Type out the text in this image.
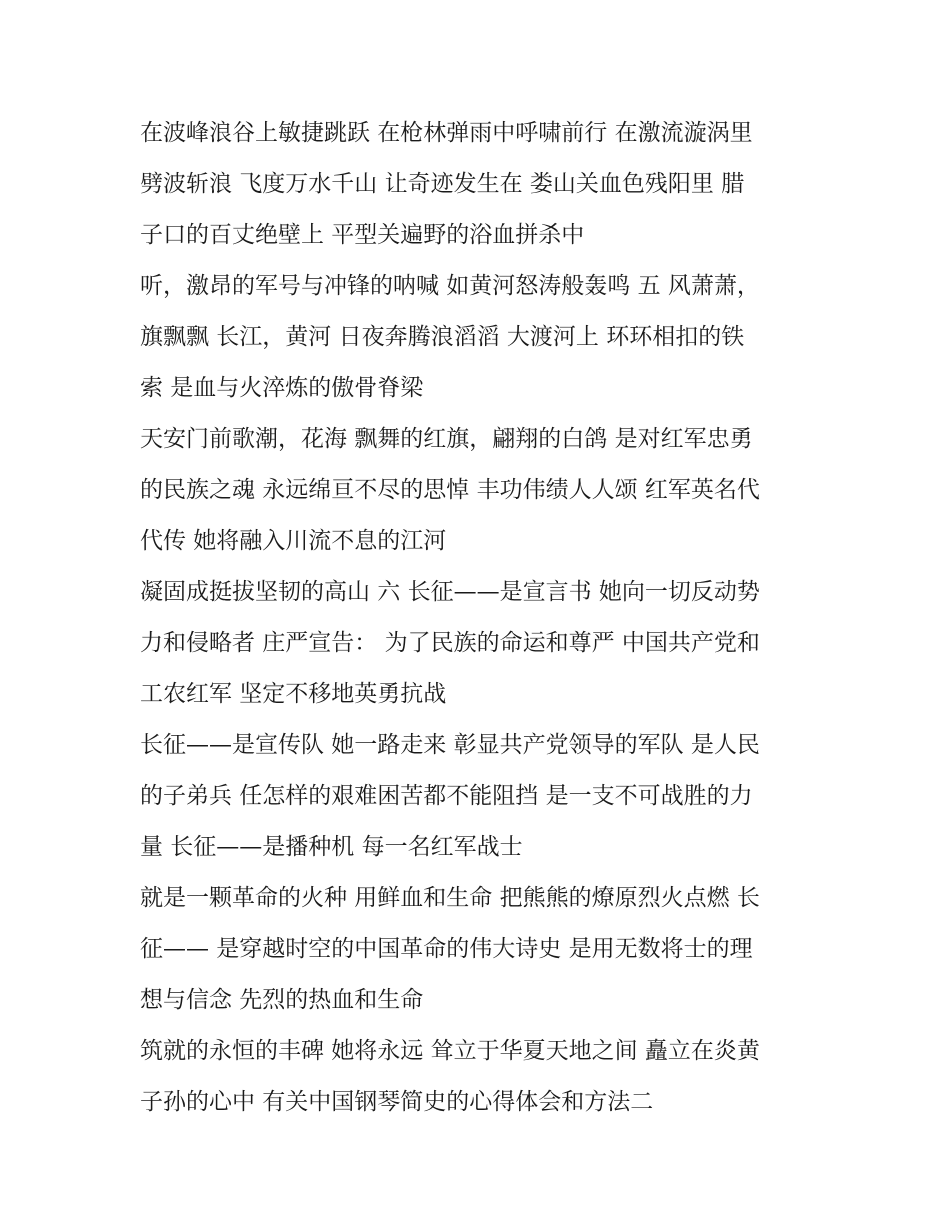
在波峰浪谷上敏捷跳跃 在枪林弹雨中呼啸前行 在激流漩涡里
劈波斩浪 飞度万水千山 让奇迹发生在 娄山关血色残阳里 腊
子口的百丈绝壁上 平型关遍野的浴血拼杀中
听，激昂的军号与冲锋的呐喊 如黄河怒涛般轰鸣 五 风萧萧，
旗飘飘 长江，黄河 日夜奔腾浪滔滔 大渡河上 环环相扣的铁
索 是血与火淬炼的傲骨脊梁
天安门前歌潮，花海 飘舞的红旗，翩翔的白鸽 是对红军忠勇
的民族之魂 永远绵亘不尽的思悼 丰功伟绩人人颂 红军英名代
代传 她将融入川流不息的江河
凝固成挺拔坚韧的高山 六 长征——是宣言书 她向一切反动势
力和侵略者 庄严宣告： 为了民族的命运和尊严 中国共产党和
工农红军 坚定不移地英勇抗战
长征——是宣传队 她一路走来 彰显共产党领导的军队 是人民
的子弟兵 任怎样的艰难困苦都不能阻挡 是一支不可战胜的力
量 长征——是播种机 每一名红军战士
就是一颗革命的火种 用鲜血和生命 把熊熊的燎原烈火点燃 长
征—— 是穿越时空的中国革命的伟大诗史 是用无数将士的理
想与信念 先烈的热血和生命
筑就的永恒的丰碑 她将永远 耸立于华夏天地之间 矗立在炎黄
子孙的心中 有关中国钢琴简史的心得体会和方法二
